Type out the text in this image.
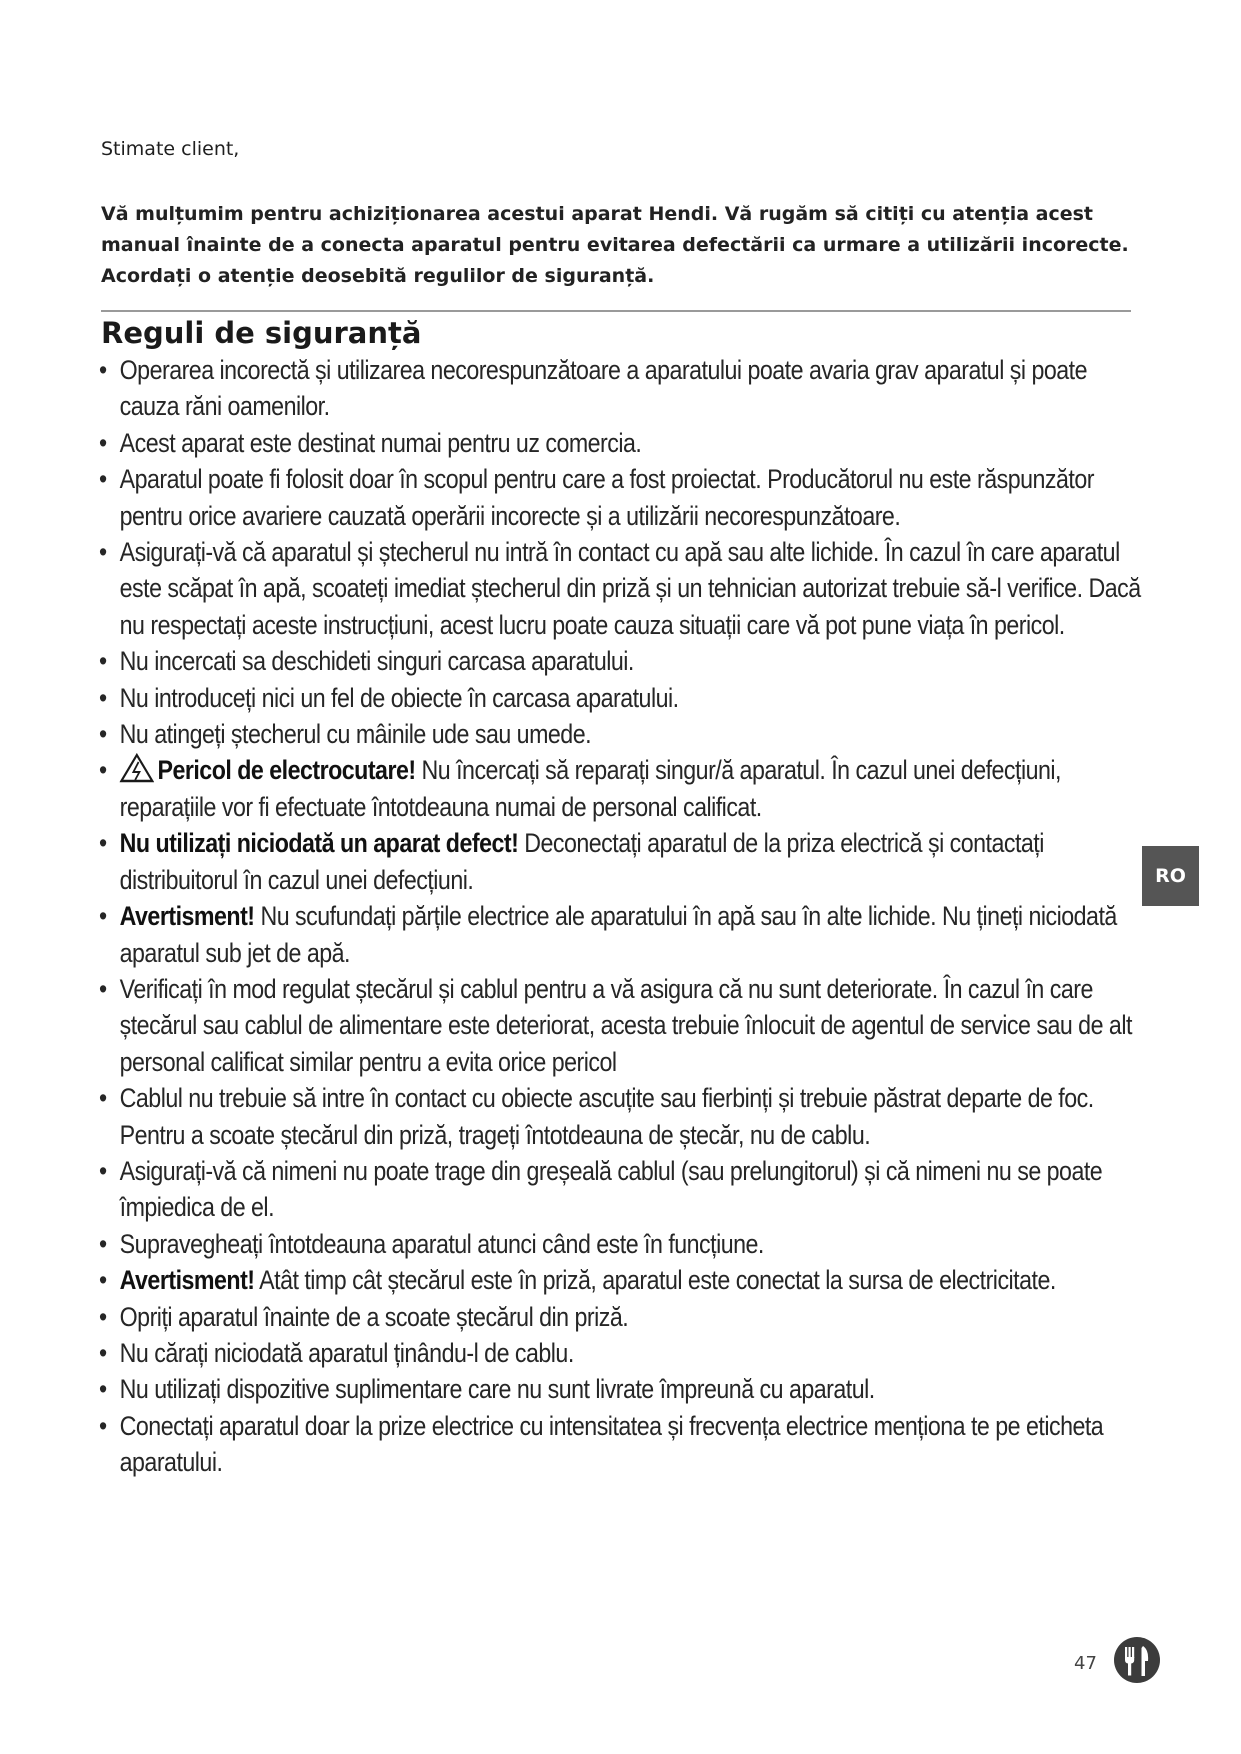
Stimate client,

Vă mulțumim pentru achiziționarea acestui aparat Hendi. Vă rugăm să citiți cu atenția acest manual înainte de a conecta aparatul pentru evitarea defectării ca urmare a utilizării incorecte. Acordați o atenție deosebită regulilor de siguranță.

Reguli de siguranță
• Operarea incorectă și utilizarea necorespunzătoare a aparatului poate avaria grav aparatul și poate cauza răni oamenilor.
• Acest aparat este destinat numai pentru uz comercia.
• Aparatul poate fi folosit doar în scopul pentru care a fost proiectat. Producătorul nu este răspunzător pentru orice avariere cauzată operării incorecte și a utilizării necorespunzătoare.
• Asigurați-vă că aparatul și ștecherul nu intră în contact cu apă sau alte lichide. În cazul în care aparatul este scăpat în apă, scoateți imediat ștecherul din priză și un tehnician autorizat trebuie să-l verifice. Dacă nu respectați aceste instrucțiuni, acest lucru poate cauza situații care vă pot pune viața în pericol.
• Nu incercati sa deschideti singuri carcasa aparatului.
• Nu introduceți nici un fel de obiecte în carcasa aparatului.
• Nu atingeți ștecherul cu mâinile ude sau umede.
• Pericol de electrocutare! Nu încercați să reparați singur/ă aparatul. În cazul unei defecțiuni, reparațiile vor fi efectuate întotdeauna numai de personal calificat.
• Nu utilizați niciodată un aparat defect! Deconectați aparatul de la priza electrică și contactați distribuitorul în cazul unei defecțiuni.
• Avertisment! Nu scufundați părțile electrice ale aparatului în apă sau în alte lichide. Nu țineți niciodată aparatul sub jet de apă.
• Verificați în mod regulat ștecărul și cablul pentru a vă asigura că nu sunt deteriorate. În cazul în care ștecărul sau cablul de alimentare este deteriorat, acesta trebuie înlocuit de agentul de service sau de alt personal calificat similar pentru a evita orice pericol
• Cablul nu trebuie să intre în contact cu obiecte ascuțite sau fierbinți și trebuie păstrat departe de foc. Pentru a scoate ștecărul din priză, trageți întotdeauna de ștecăr, nu de cablu.
• Asigurați-vă că nimeni nu poate trage din greșeală cablul (sau prelungitorul) și că nimeni nu se poate împiedica de el.
• Supravegheați întotdeauna aparatul atunci când este în funcțiune.
• Avertisment! Atât timp cât ștecărul este în priză, aparatul este conectat la sursa de electricitate.
• Opriți aparatul înainte de a scoate ștecărul din priză.
• Nu cărați niciodată aparatul ținându-l de cablu.
• Nu utilizați dispozitive suplimentare care nu sunt livrate împreună cu aparatul.
• Conectați aparatul doar la prize electrice cu intensitatea și frecvența electrice menționa te pe eticheta aparatului.
RO
47
